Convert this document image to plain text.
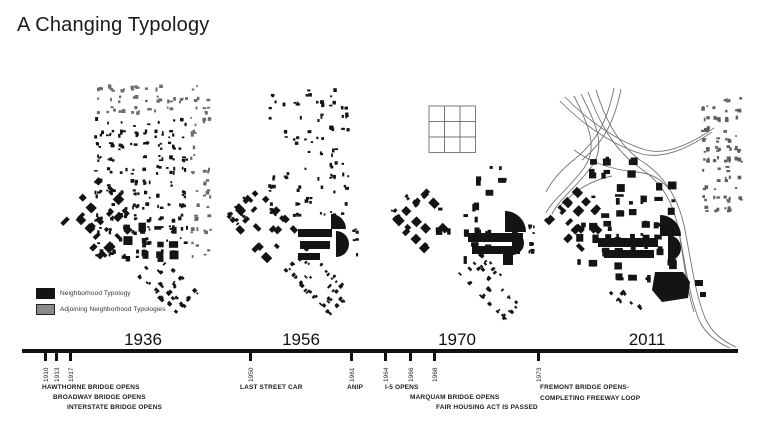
A Changing Typology
Neighborhood Typology
Adjoining Neighborhood Typologies
1936	1956	1970	2011
1910 1913 1917	1950	1961	1964	1966	1968	1973
HAWTHORNE BRIDGE OPENS
BROADWAY BRIDGE OPENS
INTERSTATE BRIDGE OPENS
LAST STREET CAR	ANIP	I-5 OPENS
MARQUAM BRIDGE OPENS
FAIR HOUSING ACT IS PASSED
FREMONT BRIDGE OPENS-
COMPLETING FREEWAY LOOP
